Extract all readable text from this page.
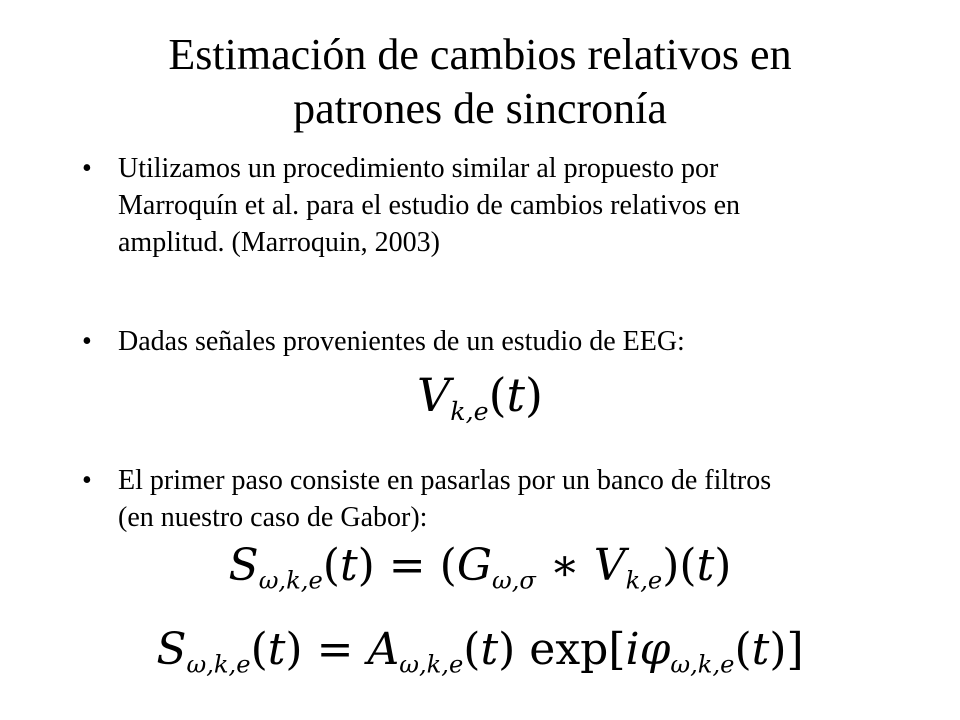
Estimación de cambios relativos en
patrones de sincronía
• Utilizamos un procedimiento similar al propuesto por
Marroquín et al. para el estudio de cambios relativos en
amplitud. (Marroquin, 2003)
• Dadas señales provenientes de un estudio de EEG:
$V_{k,e}(t)$
• El primer paso consiste en pasarlas por un banco de filtros
(en nuestro caso de Gabor):
$S_{\omega,k,e}(t) = (G_{\omega,\sigma}$ ∗ $V_{k,e})(t)$
$S_{\omega,k,e}(t) = A_{\omega,k,e}(t)$ $\exp[i\varphi_{\omega,k,e}(t)]$
